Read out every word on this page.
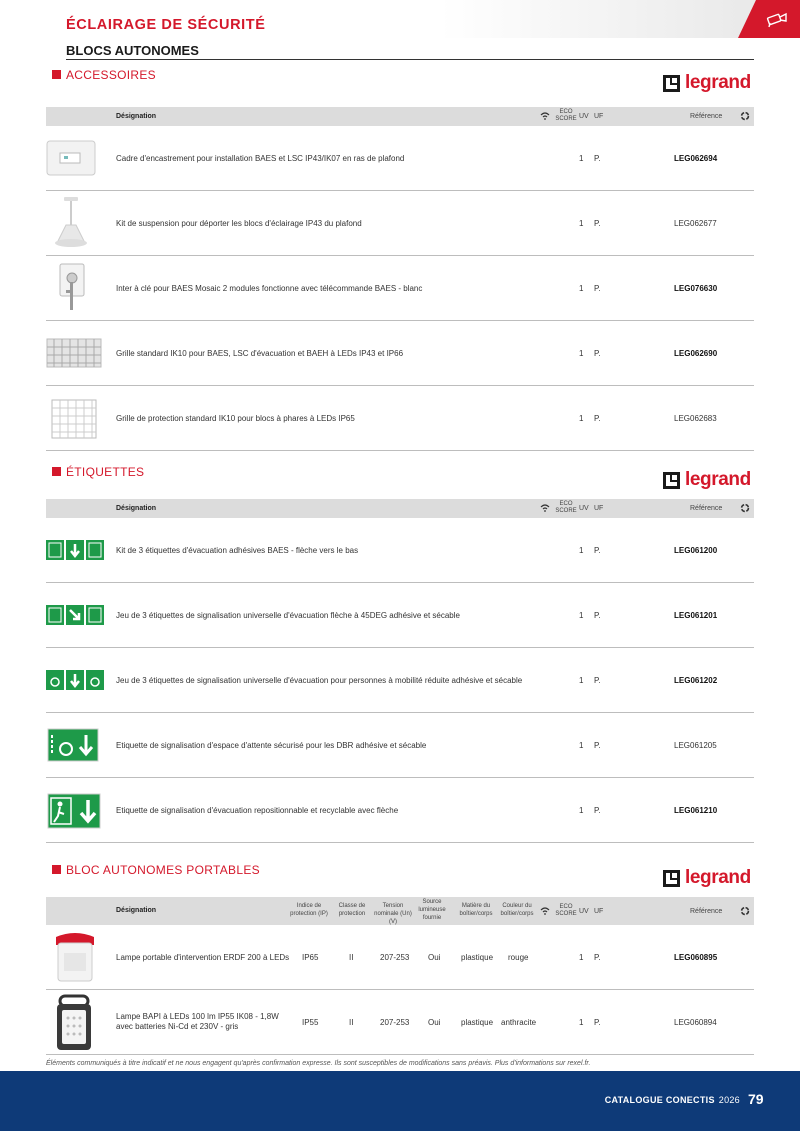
ÉCLAIRAGE DE SÉCURITÉ
BLOCS AUTONOMES
ACCESSOIRES	legrand
Désignation
ECO SCORE UV UF	Référence
Cadre d'encastrement pour installation BAES et LSC IP43/IK07 en ras de plafond	1 P.	LEG062694
Kit de suspension pour déporter les blocs d'éclairage IP43 du plafond	1 P.	LEG062677
Inter à clé pour BAES Mosaic 2 modules fonctionne avec télécommande BAES - blanc	1 P.	LEG076630
Grille standard IK10 pour BAES, LSC d'évacuation et BAEH à LEDs IP43 et IP66	1 P.	LEG062690
Grille de protection standard IK10 pour blocs à phares à LEDs IP65	1 P.	LEG062683
ÉTIQUETTES	legrand
Désignation
ECO SCORE UV UF	Référence
Kit de 3 étiquettes d'évacuation adhésives BAES - flèche vers le bas	1 P.	LEG061200
Jeu de 3 étiquettes de signalisation universelle d'évacuation flèche à 45DEG adhésive et sécable	1 P.	LEG061201
Jeu de 3 étiquettes de signalisation universelle d'évacuation pour personnes à mobilité réduite adhésive et sécable	1 P.	LEG061202
Etiquette de signalisation d'espace d'attente sécurisé pour les DBR adhésive et sécable	1 P.	LEG061205
Etiquette de signalisation d'évacuation repositionnable et recyclable avec flèche	1 P.	LEG061210
BLOC AUTONOMES PORTABLES	legrand
Désignation
Indice de protection (IP)
Classe de protection
Tension nominale (Un) (V)
Source lumineuse fournie
Matière du boîtier/corps
Couleur du boîtier/corps
ECO SCORE UV UF	Référence
Lampe portable d'intervention ERDF 200 à LEDs	IP65	II	207-253 Oui	plastique rouge	1 P.	LEG060895
Lampe BAPI à LEDs 100 lm IP55 IK08 - 1,8W avec batteries Ni-Cd et 230V - gris	IP55	II	207-253 Oui	plastique anthracite	1 P.	LEG060894
Éléments communiqués à titre indicatif et ne nous engagent qu'après confirmation expresse. Ils sont susceptibles de modifications sans préavis. Plus d'informations sur rexel.fr.
CATALOGUE CONECTIS 2026 79
